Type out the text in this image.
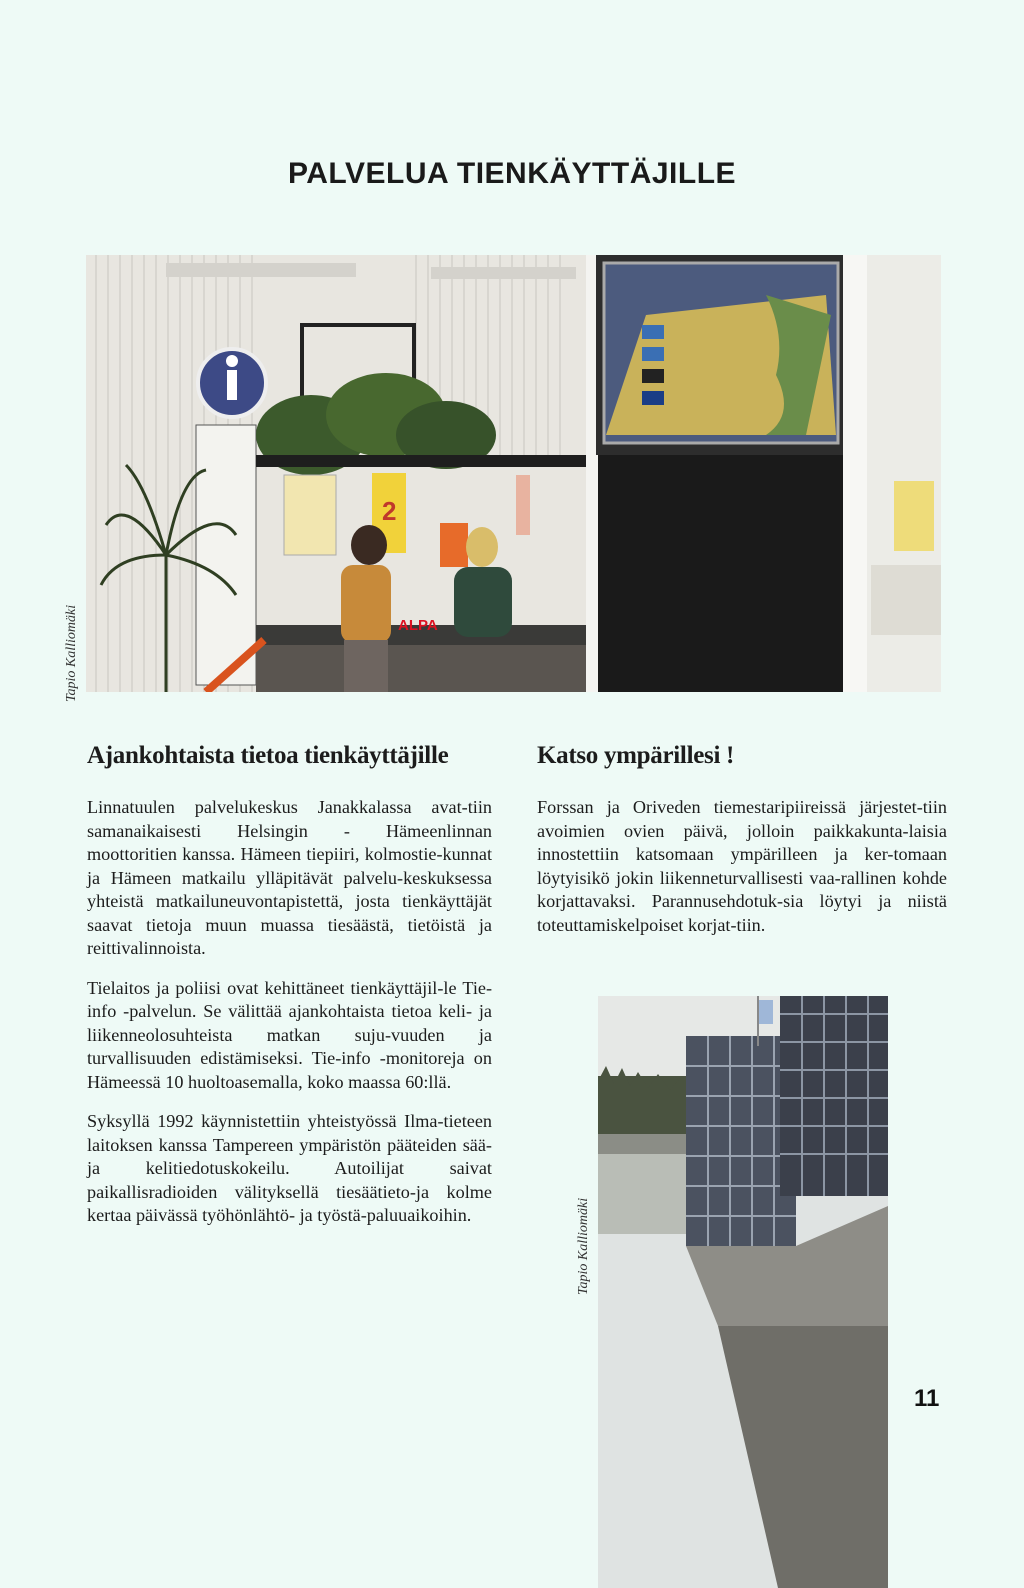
PALVELUA TIENKÄYTTÄJILLE
2
ALPA
Tapio Kalliomäki
Ajankohtaista tietoa tienkäyttäjille

Linnatuulen palvelukeskus Janakkalassa avat-tiin samanaikaisesti Helsingin - Hämeenlinnan moottoritien kanssa. Hämeen tiepiiri, kolmostie-kunnat ja Hämeen matkailu ylläpitävät palvelu-keskuksessa yhteistä matkailuneuvontapistettä, josta tienkäyttäjät saavat tietoja muun muassa tiesäästä, tietöistä ja reittivalinnoista.

Tielaitos ja poliisi ovat kehittäneet tienkäyttäjil-le Tie-info -palvelun. Se välittää ajankohtaista tietoa keli- ja liikenneolosuhteista matkan suju-vuuden ja turvallisuuden edistämiseksi. Tie-info -monitoreja on Hämeessä 10 huoltoasemalla, koko maassa 60:llä.

Syksyllä 1992 käynnistettiin yhteistyössä Ilma-tieteen laitoksen kanssa Tampereen ympäristön pääteiden sää- ja kelitiedotuskokeilu. Autoilijat saivat paikallisradioiden välityksellä tiesäätieto-ja kolme kertaa päivässä työhönlähtö- ja työstä-paluuaikoihin.

Katso ympärillesi !

Forssan ja Oriveden tiemestaripiireissä järjestet-tiin avoimien ovien päivä, jolloin paikkakunta-laisia innostettiin katsomaan ympärilleen ja ker-tomaan löytyisikö jokin liikenneturvallisesti vaa-rallinen kohde korjattavaksi. Parannusehdotuk-sia löytyi ja niistä toteuttamiskelpoiset korjat-tiin.

Tapio Kalliomäki
11
